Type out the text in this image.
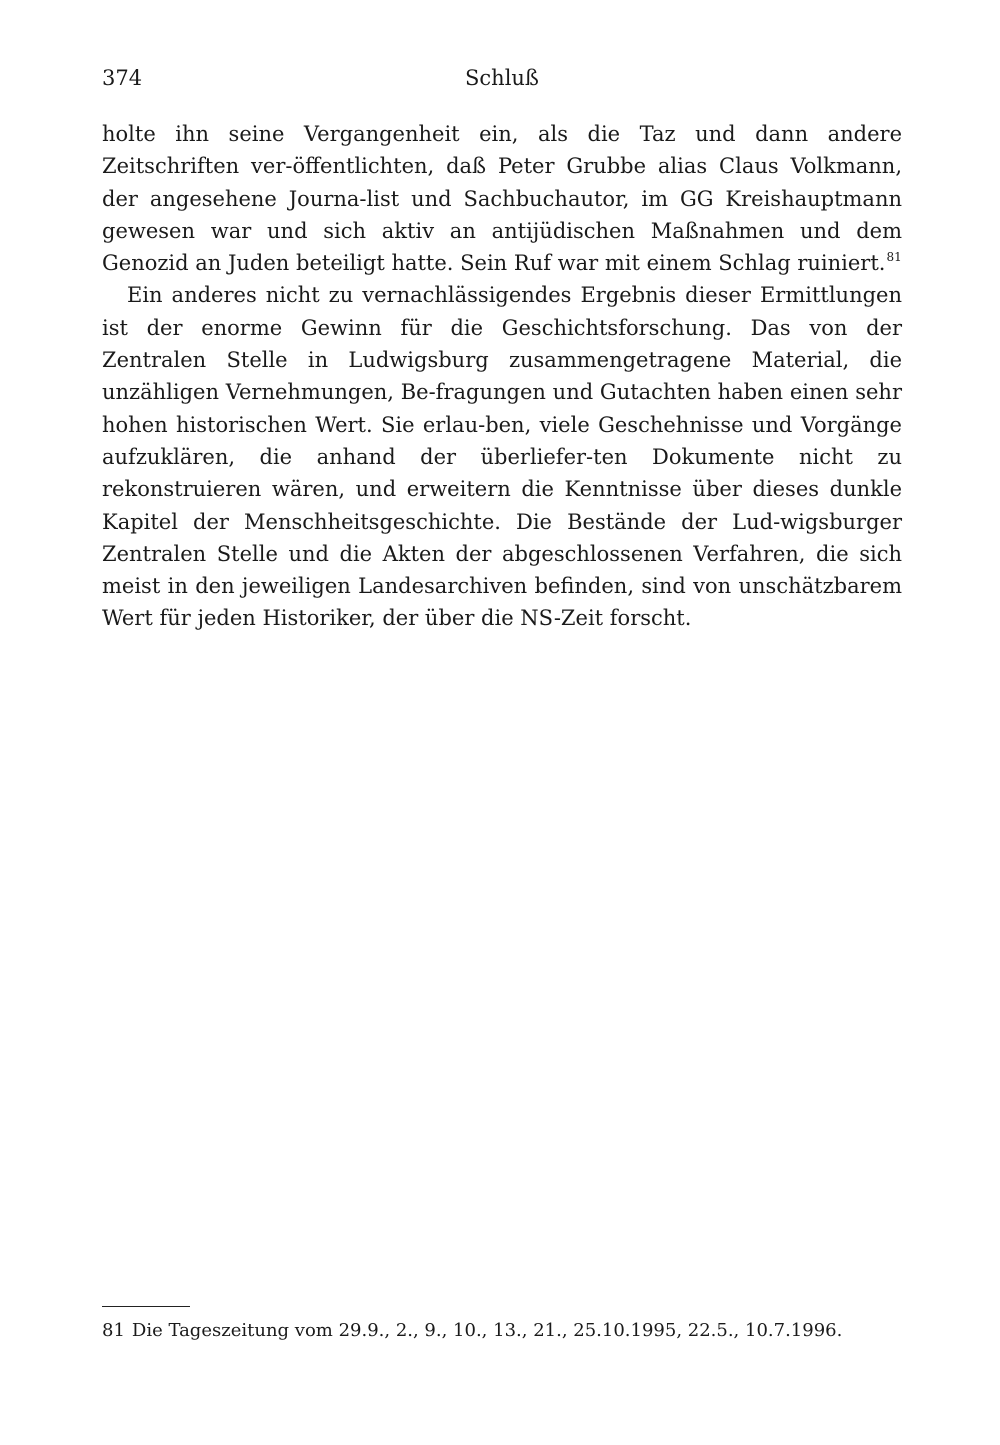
374	Schluß

holte ihn seine Vergangenheit ein, als die Taz und dann andere Zeitschriften ver-öffentlichten, daß Peter Grubbe alias Claus Volkmann, der angesehene Journa-list und Sachbuchautor, im GG Kreishauptmann gewesen war und sich aktiv an antijüdischen Maßnahmen und dem Genozid an Juden beteiligt hatte. Sein Ruf war mit einem Schlag ruiniert.$^{81}$

Ein anderes nicht zu vernachlässigendes Ergebnis dieser Ermittlungen ist der enorme Gewinn für die Geschichtsforschung. Das von der Zentralen Stelle in Ludwigsburg zusammengetragene Material, die unzähligen Vernehmungen, Be-fragungen und Gutachten haben einen sehr hohen historischen Wert. Sie erlau-ben, viele Geschehnisse und Vorgänge aufzuklären, die anhand der überliefer-ten Dokumente nicht zu rekonstruieren wären, und erweitern die Kenntnisse über dieses dunkle Kapitel der Menschheitsgeschichte. Die Bestände der Lud-wigsburger Zentralen Stelle und die Akten der abgeschlossenen Verfahren, die sich meist in den jeweiligen Landesarchiven befinden, sind von unschätzbarem Wert für jeden Historiker, der über die NS-Zeit forscht.

81 Die Tageszeitung vom 29.9., 2., 9., 10., 13., 21., 25.10.1995, 22.5., 10.7.1996.
